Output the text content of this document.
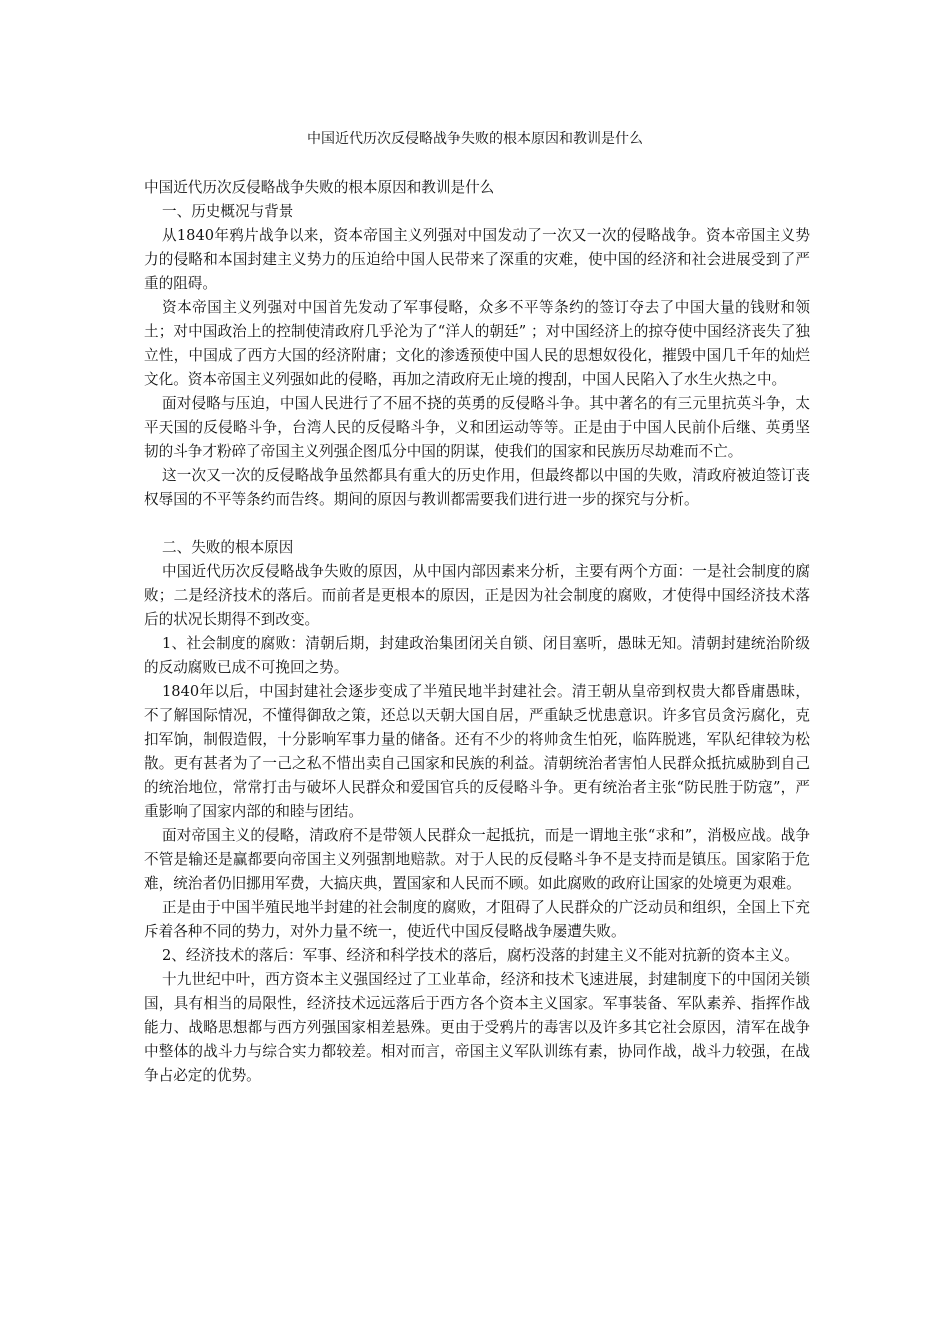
中国近代历次反侵略战争失败的根本原因和教训是什么

中国近代历次反侵略战争失败的根本原因和教训是什么

一、历史概况与背景

从1840年鸦片战争以来，资本帝国主义列强对中国发动了一次又一次的侵略战争。资本帝国主义势力的侵略和本国封建主义势力的压迫给中国人民带来了深重的灾难，使中国的经济和社会进展受到了严重的阻碍。

资本帝国主义列强对中国首先发动了军事侵略，众多不平等条约的签订夺去了中国大量的钱财和领土；对中国政治上的控制使清政府几乎沦为了“洋人的朝廷” ；对中国经济上的掠夺使中国经济丧失了独立性，中国成了西方大国的经济附庸；文化的渗透预使中国人民的思想奴役化，摧毁中国几千年的灿烂文化。资本帝国主义列强如此的侵略，再加之清政府无止境的搜刮，中国人民陷入了水生火热之中。

面对侵略与压迫，中国人民进行了不屈不挠的英勇的反侵略斗争。其中著名的有三元里抗英斗争，太平天国的反侵略斗争，台湾人民的反侵略斗争，义和团运动等等。正是由于中国人民前仆后继、英勇坚韧的斗争才粉碎了帝国主义列强企图瓜分中国的阴谋，使我们的国家和民族历尽劫难而不亡。

这一次又一次的反侵略战争虽然都具有重大的历史作用，但最终都以中国的失败，清政府被迫签订丧权辱国的不平等条约而告终。期间的原因与教训都需要我们进行进一步的探究与分析。

二、失败的根本原因

中国近代历次反侵略战争失败的原因，从中国内部因素来分析，主要有两个方面：一是社会制度的腐败；二是经济技术的落后。而前者是更根本的原因，正是因为社会制度的腐败，才使得中国经济技术落后的状况长期得不到改变。

1、社会制度的腐败：清朝后期，封建政治集团闭关自锁、闭目塞听，愚昧无知。清朝封建统治阶级的反动腐败已成不可挽回之势。

1840年以后，中国封建社会逐步变成了半殖民地半封建社会。清王朝从皇帝到权贵大都昏庸愚昧，不了解国际情况，不懂得御敌之策，还总以天朝大国自居，严重缺乏忧患意识。许多官员贪污腐化，克扣军饷，制假造假，十分影响军事力量的储备。还有不少的将帅贪生怕死，临阵脱逃，军队纪律较为松散。更有甚者为了一己之私不惜出卖自己国家和民族的利益。清朝统治者害怕人民群众抵抗威胁到自己的统治地位，常常打击与破坏人民群众和爱国官兵的反侵略斗争。更有统治者主张“防民胜于防寇”，严重影响了国家内部的和睦与团结。

面对帝国主义的侵略，清政府不是带领人民群众一起抵抗，而是一谓地主张“求和”，消极应战。战争不管是输还是赢都要向帝国主义列强割地赔款。对于人民的反侵略斗争不是支持而是镇压。国家陷于危难，统治者仍旧挪用军费，大搞庆典，置国家和人民而不顾。如此腐败的政府让国家的处境更为艰难。

正是由于中国半殖民地半封建的社会制度的腐败，才阻碍了人民群众的广泛动员和组织，全国上下充斥着各种不同的势力，对外力量不统一，使近代中国反侵略战争屡遭失败。

2、经济技术的落后：军事、经济和科学技术的落后，腐朽没落的封建主义不能对抗新的资本主义。

十九世纪中叶，西方资本主义强国经过了工业革命，经济和技术飞速进展，封建制度下的中国闭关锁国，具有相当的局限性，经济技术远远落后于西方各个资本主义国家。军事装备、军队素养、指挥作战能力、战略思想都与西方列强国家相差悬殊。更由于受鸦片的毒害以及许多其它社会原因，清军在战争中整体的战斗力与综合实力都较差。相对而言，帝国主义军队训练有素，协同作战，战斗力较强，在战争占必定的优势。
